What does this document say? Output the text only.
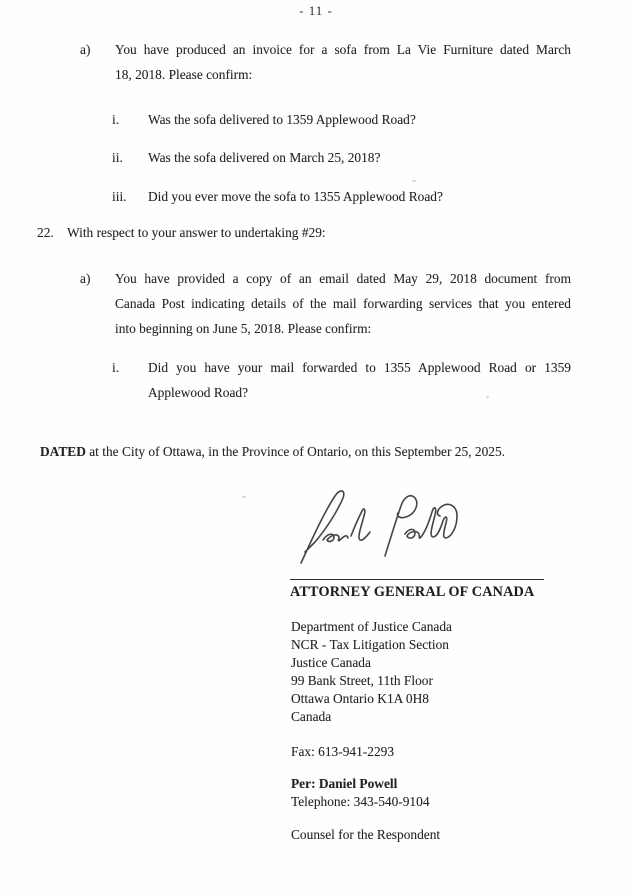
- 11 -
a) You have produced an invoice for a sofa from La Vie Furniture dated March
18, 2018. Please confirm:
i. Was the sofa delivered to 1359 Applewood Road?
ii. Was the sofa delivered on March 25, 2018?
iii. Did you ever move the sofa to 1355 Applewood Road?
22. With respect to your answer to undertaking #29:
a) You have provided a copy of an email dated May 29, 2018 document from
Canada Post indicating details of the mail forwarding services that you entered
into beginning on June 5, 2018. Please confirm:
i. Did you have your mail forwarded to 1355 Applewood Road or 1359
Applewood Road?
DATED at the City of Ottawa, in the Province of Ontario, on this September 25, 2025.
ATTORNEY GENERAL OF CANADA
Department of Justice Canada
NCR - Tax Litigation Section
Justice Canada
99 Bank Street, 11th Floor
Ottawa Ontario K1A 0H8
Canada
Fax: 613-941-2293
Per: Daniel Powell
Telephone: 343-540-9104
Counsel for the Respondent
